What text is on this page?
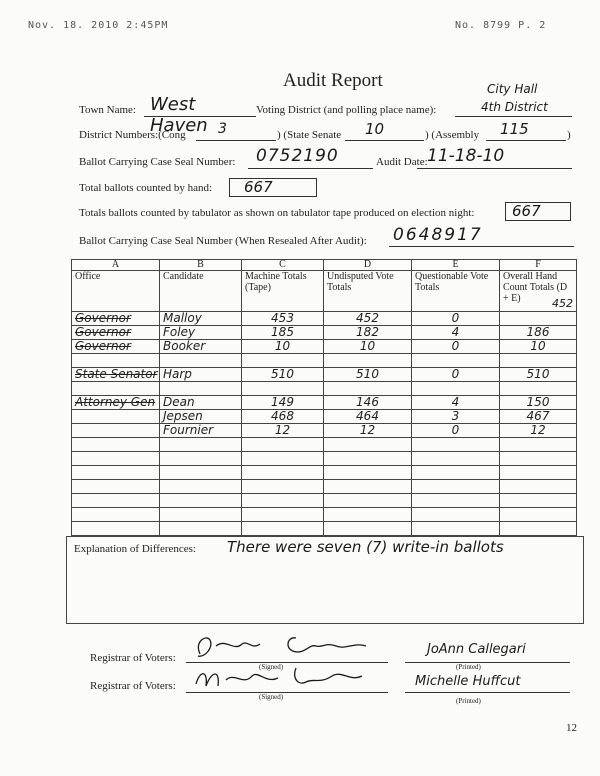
Nov. 18. 2010 2:45PM	No. 8799 P. 2
Audit Report
Town Name: West Haven
Voting District (and polling place name):
City Hall
4th District
District Numbers:(Cong 3	) (State Senate 10	) (Assembly 115	)
Ballot Carrying Case Seal Number: 0752190	Audit Date: 11-18-10
Total ballots counted by hand: 667
Totals ballots counted by tabulator as shown on tabulator tape produced on election night:	667
Ballot Carrying Case Seal Number (When Resealed After Audit): 0648917
A	B	C	D	E	F
Office	Candidate	Machine Totals (Tape)	Undisputed Vote Totals	Questionable Vote Totals	Overall Hand Count Totals (D + E) 452

Governor	Malloy	453	452	0	
Governor	Foley	185	182	4	186
Governor	Booker	10	10	0	10

State Senator	Harp	510	510	0	510

Attorney Gen	Dean	149	146	4	150
	Jepsen	468	464	3	467
	Fournier	12	12	0	12

Explanation of Differences: There were seven (7) write-in ballots
Registrar of Voters:
(Signed)
JoAnn Callegari
(Printed)
Registrar of Voters:
(Signed)
Michelle Huffcut
(Printed)
12
